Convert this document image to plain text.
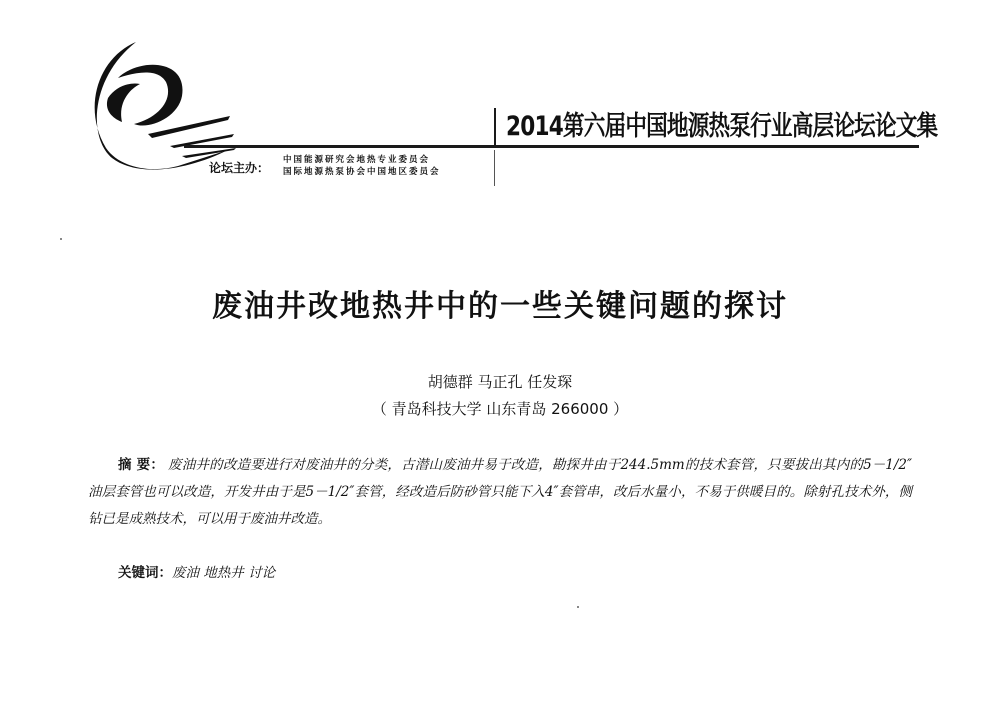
2014第六届中国地源热泵行业高层论坛论文集
论坛主办：
中国能源研究会地热专业委员会
国际地源热泵协会中国地区委员会
废油井改地热井中的一些关键问题的探讨
胡德群 马正孔 任发琛
（ 青岛科技大学 山东青岛 266000 ）
摘 要： 废油井的改造要进行对废油井的分类，古潜山废油井易于改造，勘探井由于244.5mm的技术套管，只要拔出其内的5－1/2″油层套管也可以改造，开发井由于是5－1/2″套管，经改造后防砂管只能下入4″套管串，改后水量小，不易于供暖目的。除射孔技术外，侧钻已是成熟技术，可以用于废油井改造。
关键词：废油 地热井 讨论
